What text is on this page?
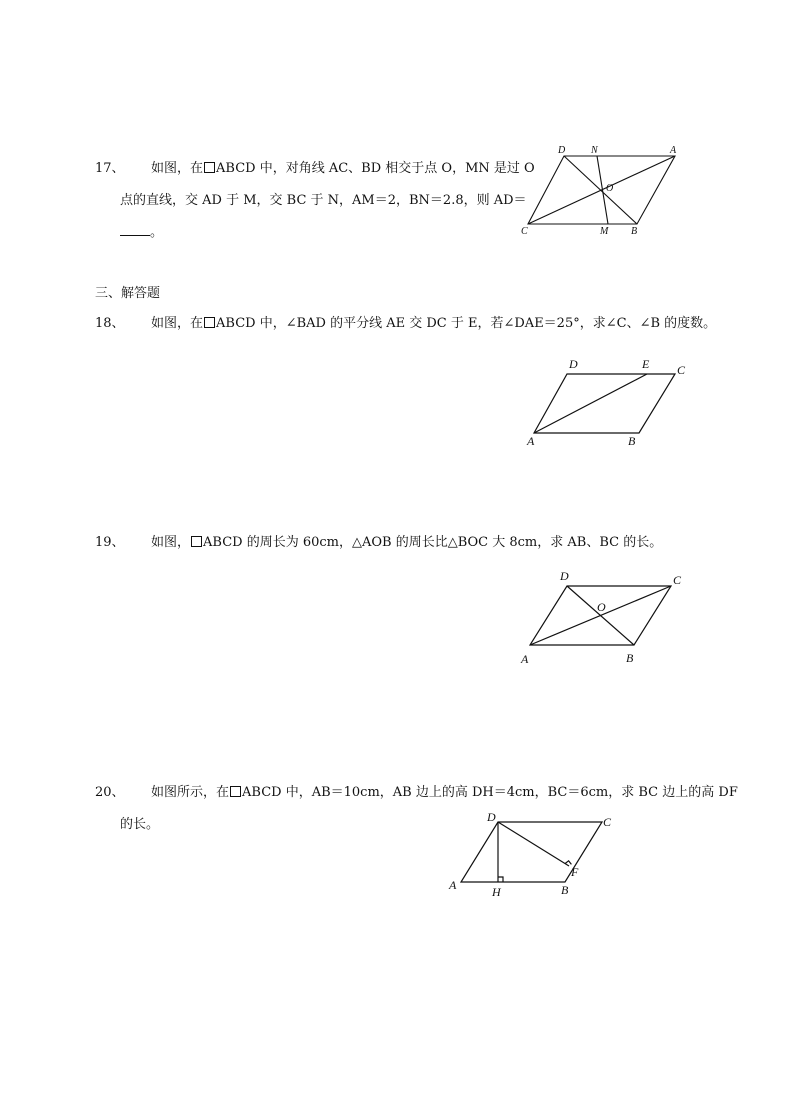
17、 如图，在 ABCD 中，对角线 AC、BD 相交于点 O，MN 是过 O
点的直线，交 AD 于 M，交 BC 于 N，AM＝2，BN＝2.8，则 AD＝
。
D	N	A
O
C	M B
三、解答题
18、 如图，在 ABCD 中，∠BAD 的平分线 AE 交 DC 于 E，若∠DAE＝25°，求∠C、∠B 的度数。
D	E C
A	B
19、 如图， ABCD 的周长为 60cm，△AOB 的周长比△BOC 大 8cm，求 AB、BC 的长。
D	C
O
A	B
20、 如图所示，在 ABCD 中，AB＝10cm，AB 边上的高 DH＝4cm，BC＝6cm，求 BC 边上的高 DF
的长。	D	C
F
A	H	B
